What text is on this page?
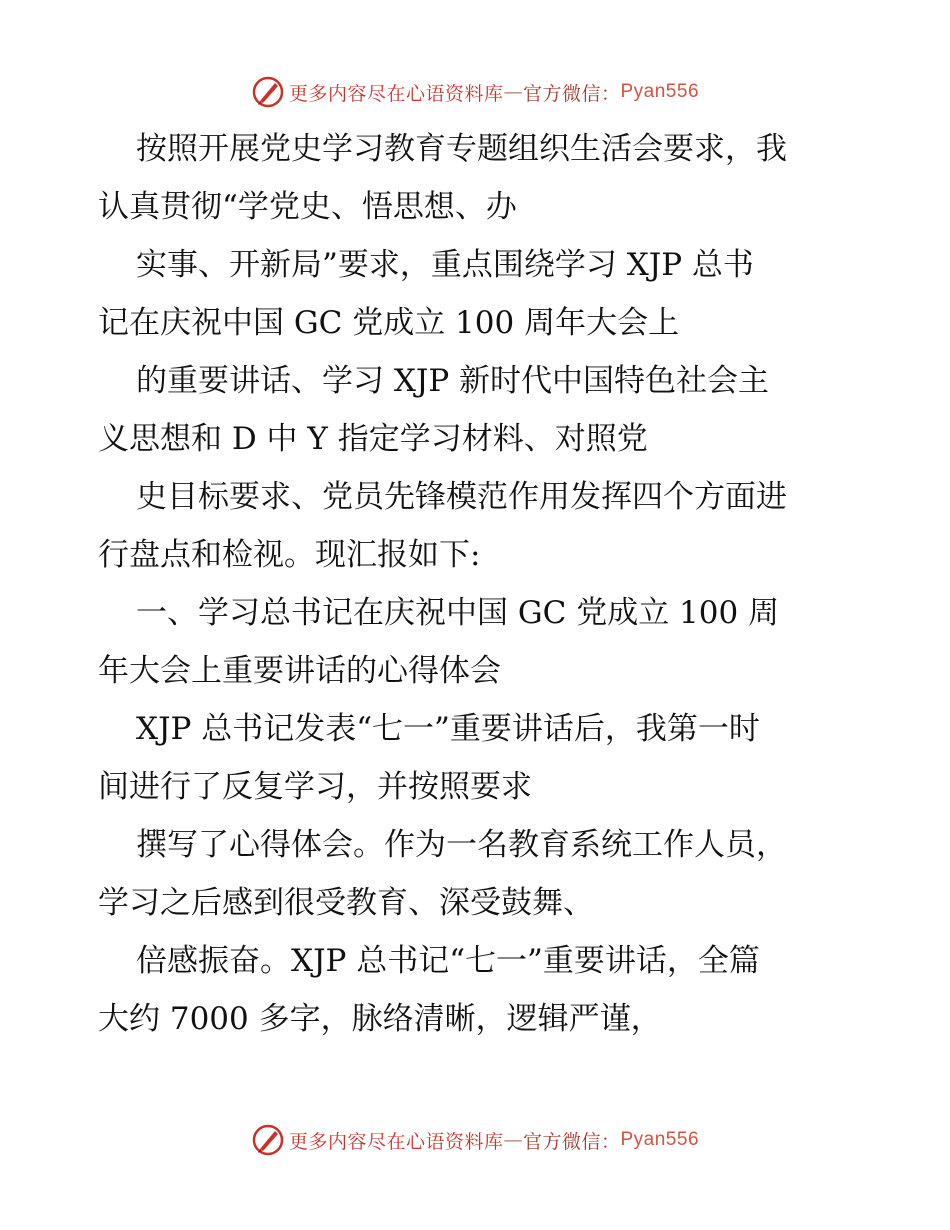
更多内容尽在心语资料库 — 官方微信： Pyan556
按照开展党史学习教育专题组织生活会要求，我
认真贯彻“学党史、悟思想、办
实事、开新局”要求，重点围绕学习 XJP 总书
记在庆祝中国 GC 党成立 100 周年大会上
的重要讲话、学习 XJP 新时代中国特色社会主
义思想和 D 中 Y 指定学习材料、对照党
史目标要求、党员先锋模范作用发挥四个方面进
行盘点和检视。现汇报如下:
一、学习总书记在庆祝中国 GC 党成立 100 周
年大会上重要讲话的心得体会
XJP 总书记发表“七一”重要讲话后，我第一时
间进行了反复学习，并按照要求
撰写了心得体会。作为一名教育系统工作人员，
学习之后感到很受教育、深受鼓舞、
倍感振奋。XJP 总书记“七一”重要讲话，全篇
大约 7000 多字，脉络清晰，逻辑严谨，
更多内容尽在心语资料库 — 官方微信： Pyan556
